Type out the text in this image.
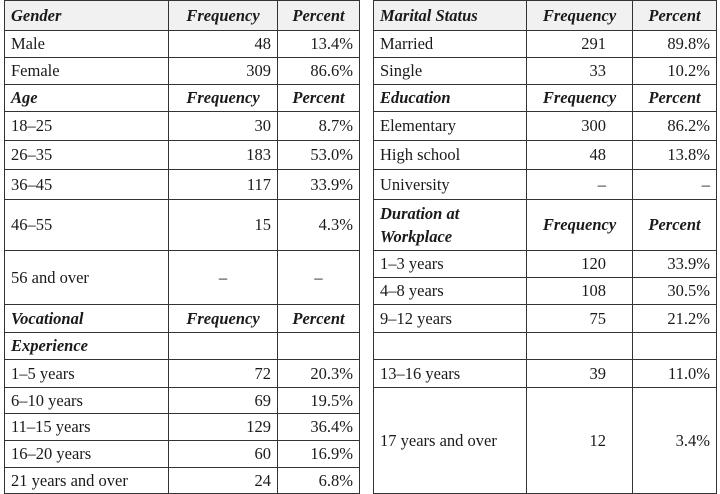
Gender	Frequency	Percent
Male	48	13.4%
Female	309	86.6%
Age	Frequency	Percent
18–25	30	8.7%
26–35	183	53.0%
36–45	117	33.9%
46–55	15	4.3%
56 and over	–	–
Vocational	Frequency	Percent
Experience		
1–5 years	72	20.3%
6–10 years	69	19.5%
11–15 years	129	36.4%
16–20 years	60	16.9%
21 years and over	24	6.8%
Marital Status	Frequency	Percent
Married	291	89.8%
Single	33	10.2%
Education	Frequency	Percent
Elementary	300	86.2%
High school	48	13.8%
University	–	–
Duration at Workplace	Frequency	Percent
1–3 years	120	33.9%
4–8 years	108	30.5%
9–12 years	75	21.2%

13–16 years	39	11.0%
17 years and over	12	3.4%
